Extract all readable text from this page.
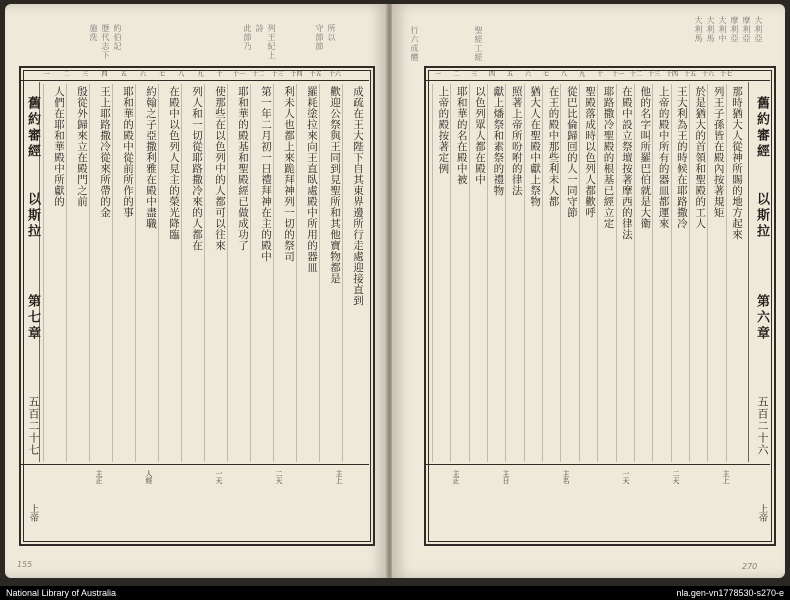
歷代志下
施洗 約伯記	詩 列王紀上
此節乃	守節節 所以
一	二	三	四	五	六	七	八	九	十	十一 十二 十三 十四 十五 十六
舊約審經
以斯拉
第七章
五百二十七
上帝
成疏在王大陛下自其東界邊所行走處迎接直到
歡迎公祭與王同到見聖所和其他寶物都是
羅耗塗拉來向王直臥處殿中所用的器皿
利未人也都上來跪拜神列一切的祭司
第一年二月初一日禮拜神在主的殿中
耶和華的殿基和聖殿經已做成功了
使那些在以色列中的人都可以往來
列人和一切從耶路撒冷來的人都在
在殿中以色列人見主的榮光降臨
約翰之子亞撒利雅在殿中盡職
耶和華的殿中從前所作的事
王上耶路撒冷從來所帶的金
殷從外歸來立在殿門之前
人們在耶和華殿中所獻的
主正	人經	一天	二天	主上
155
行六成體	聖經工經	大利馬 大利馬 大利中 摩利亞 摩利亞 大利亞
一	二	三	四	五	六	七	八	九	十	十一 十二 十三 十四 十五 十六 十七
舊約審經
以斯拉
第六章
五百二十六
上帝
那時猶大人從神所賜的地方起來
列王子孫皆在殿內按著規矩
於是猶大的首領和聖殿的工人
王大利為王的時候在耶路撒冷
上帝的殿中所有的器皿都運來
他的名字叫所羅巴伯就是大衛
在殿中設立祭壇按著摩西的律法
耶路撒冷聖殿的根基已經立定
聖殿落成時以色列人都歡呼
從巴比倫歸回的人一同守節
在王的殿中那些利未人都
猶大人在聖殿中獻上祭物
照著上帝所吩咐的律法
獻上燔祭和素祭的禮物
以色列眾人都在殿中
耶和華的名在殿中被
上帝的殿按著定例
主正	主日	主名	一天	二天	主上
270
National Library of Australia	nla.gen-vn1778530-s270-e
